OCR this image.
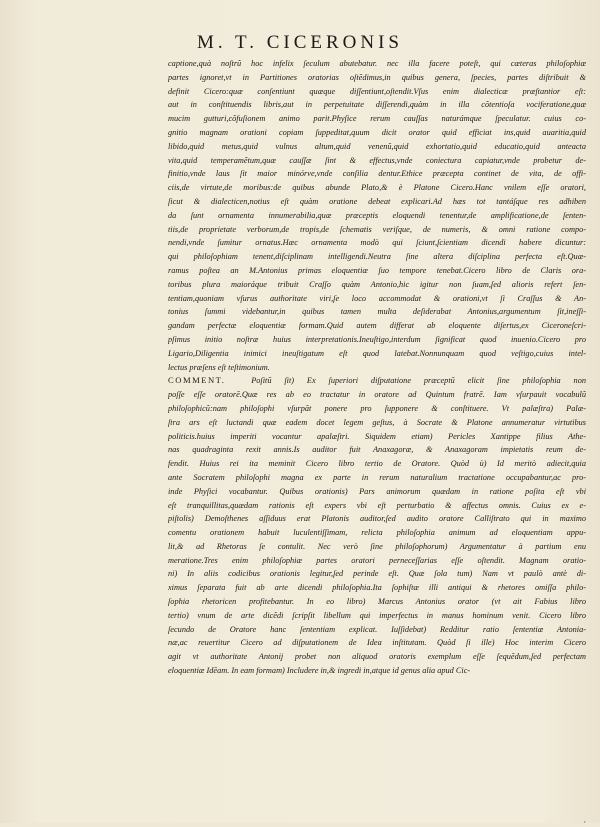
M. T. CICERONIS
captione,quà noſtrũ hoc infelix ſeculum abutebatur. nec illa facere poteſt, qui cæteras philoſophiæ
partes ignoret,vt in Partitiones oratorias oſtẽdimus,in quibus genera, ſpecies, partes diſtribuit &
definit Cicero:quæ conſentiunt quæque diſſentiunt,oſtendit.Vſus enim dialecticæ præſtantior eſt:
aut in conſtituendis libris,aut in perpetuitate diſſerendi,quàm in illa cõtentioſa vociferatione,quæ
mucim gutturi,cõfuſionem animo parit.Phyſice rerum cauſſas naturámque ſpeculatur. cuius co-
gnitio magnam orationi copiam ſuppeditat,quum dicit orator quid efficiat ins,quid auaritia,quid
libido,quid metus,quid vulnus altum,quid venenũ,quid exhortatio,quid educatio,quid anteacta
vita,quid temperamẽtum,quæ cauſſæ ſint & effectus,vnde coniectura capiatur,vnde probetur de-
finitio,vnde laus ſit maior minórve,vnde conſilia dentur.Ethice præcepta continet de vita, de offi-
ciis,de virtute,de moribus:de quibus abunde Plato,& è Platone Cicero.Hanc vnilem eſſe oratori,
ſicut & dialecticen,notius eſt quàm oratione debeat explicari.Ad hæs tot tantáſque res adhiben
da ſunt ornamenta innumerabilia,quæ præceptis eloquendi tenentur,de amplificatione,de ſenten-
tiis,de proprietate verborum,de tropis,de ſchematis veriſque, de numeris, & omni ratione compo-
nendi,vnde ſumitur ornatus.Hæc ornamenta modò qui ſciunt,ſcientiam dicendi habere dicuntur:
qui philoſophiam tenent,diſciplinam intelligendi.Neutra ſine altera diſciplina perfecta eſt.Quæ-
ramus poſtea an M.Antonius primas eloquentiæ ſuo tempore tenebat.Cicero libro de Claris ora-
toribus plura maioráque tribuit Craſſo quàm Antonio,hic igitur non ſuam,ſed alioris refert ſen-
tentiam,quoniam vſurus authoritate viri,ſe loco accommodat & orationi,vt ſi Craſſus & An-
tonius ſummi videbantur,in quibus tamen multa deſiderabat Antonius,argumentum ſit,ineſſi-
gandam perfectæ eloquentiæ formam.Quid autem differat ab eloquente diſertus,ex Ciceroneſcri-
pſimus initio noſtræ huius interpretationis.Ineuſtigo,interdum ſignificat quod inuenio.Cicero pro
Ligario,Diligentia inimici ineuſtigatum eſt quod latebat.Nonnunquam quod veſtigo,cuius intel-
lectus præſens eſt teſtimonium.
COMMENT.	Poſitũ ſit) Ex ſuperiori diſputatione præceptũ elicit ſine philoſophia non
poſſe eſſe oratorē.Quæ res ab eo tractatur in oratore ad Quintum fratrē. Iam vſurpauit vocabulũ
philoſophicũ:nam philoſophi vſurpāt ponere pro ſupponere & conſtituere. Vt palæſtra) Palæ-
ſtra ars eſt luctandi quæ eadem docet legem geſtus, à Socrate & Platone annumeratur virtutibus
politicis.huius imperiti vocantur apalæſtri. Siquidem etiam) Pericles Xantippe filius Athe-
nas quadraginta rexit annis.Is auditor fuit Anaxagoræ, & Anaxagoram impietatis reum de-
fendit. Huius rei ita meminit Cicero libro tertio de Oratore. Quòd ù) Id meritò adiecit,quia
ante Socratem philoſophi magna ex parte in rerum naturalium tractatione occupabantur,ac pro-
inde Phyſici vocabantur. Quibus orationis) Pars animorum quædam in ratione poſita eſt vbi
eſt tranquillitas,quædam rationis eſt expers vbi eſt perturbatio & affectus omnis. Cuius ex e-
piſtolis) Demoſthenes aſſiduus erat Platonis auditor,ſed audito oratore Calliſtrato qui in maximo
comentu orationem habuit luculentiſſimam, relicta philoſophia animum ad eloquentiam appu-
lit,& ad Rhetoras ſe contulit. Nec verò ſine philoſophorum) Argumentatur à partium enu
meratione.Tres enim philoſophiæ partes oratori perneceſſarias eſſe oſtendit. Magnam oratio-
ni) In aliis codicibus orationis legitur,ſed perinde eſt. Quæ ſola tum) Nam vt paulò antè di-
ximus ſeparata fuit ab arte dicendi philoſophia.Ita ſophiſtæ illi antiqui & rhetores omiſſa philo-
ſophia rhetoricen profitebantur. In eo libro) Marcus Antonius orator (vt ait Fabius libro
tertio) vnum de arte dicẽdi ſcripſit libellum qui imperfectus in manus hominum venit. Cicero libro
ſecundo de Oratore hanc ſententiam explicat. Iuſſidebat) Redditur ratio ſententiæ Antonia-
næ,ac reuertitur Cicero ad diſputationem de Idea inſtitutam. Quòd ſi ille) Hoc interim Cicero
agit vt authoritate Antonij probet non aliquod oratoris exemplum eſſe ſequẽdum,ſed perfectam
eloquentiæ Idēam. In eam formam) Includere in,& ingredi in,atque id genus alia apud Cic-
·
